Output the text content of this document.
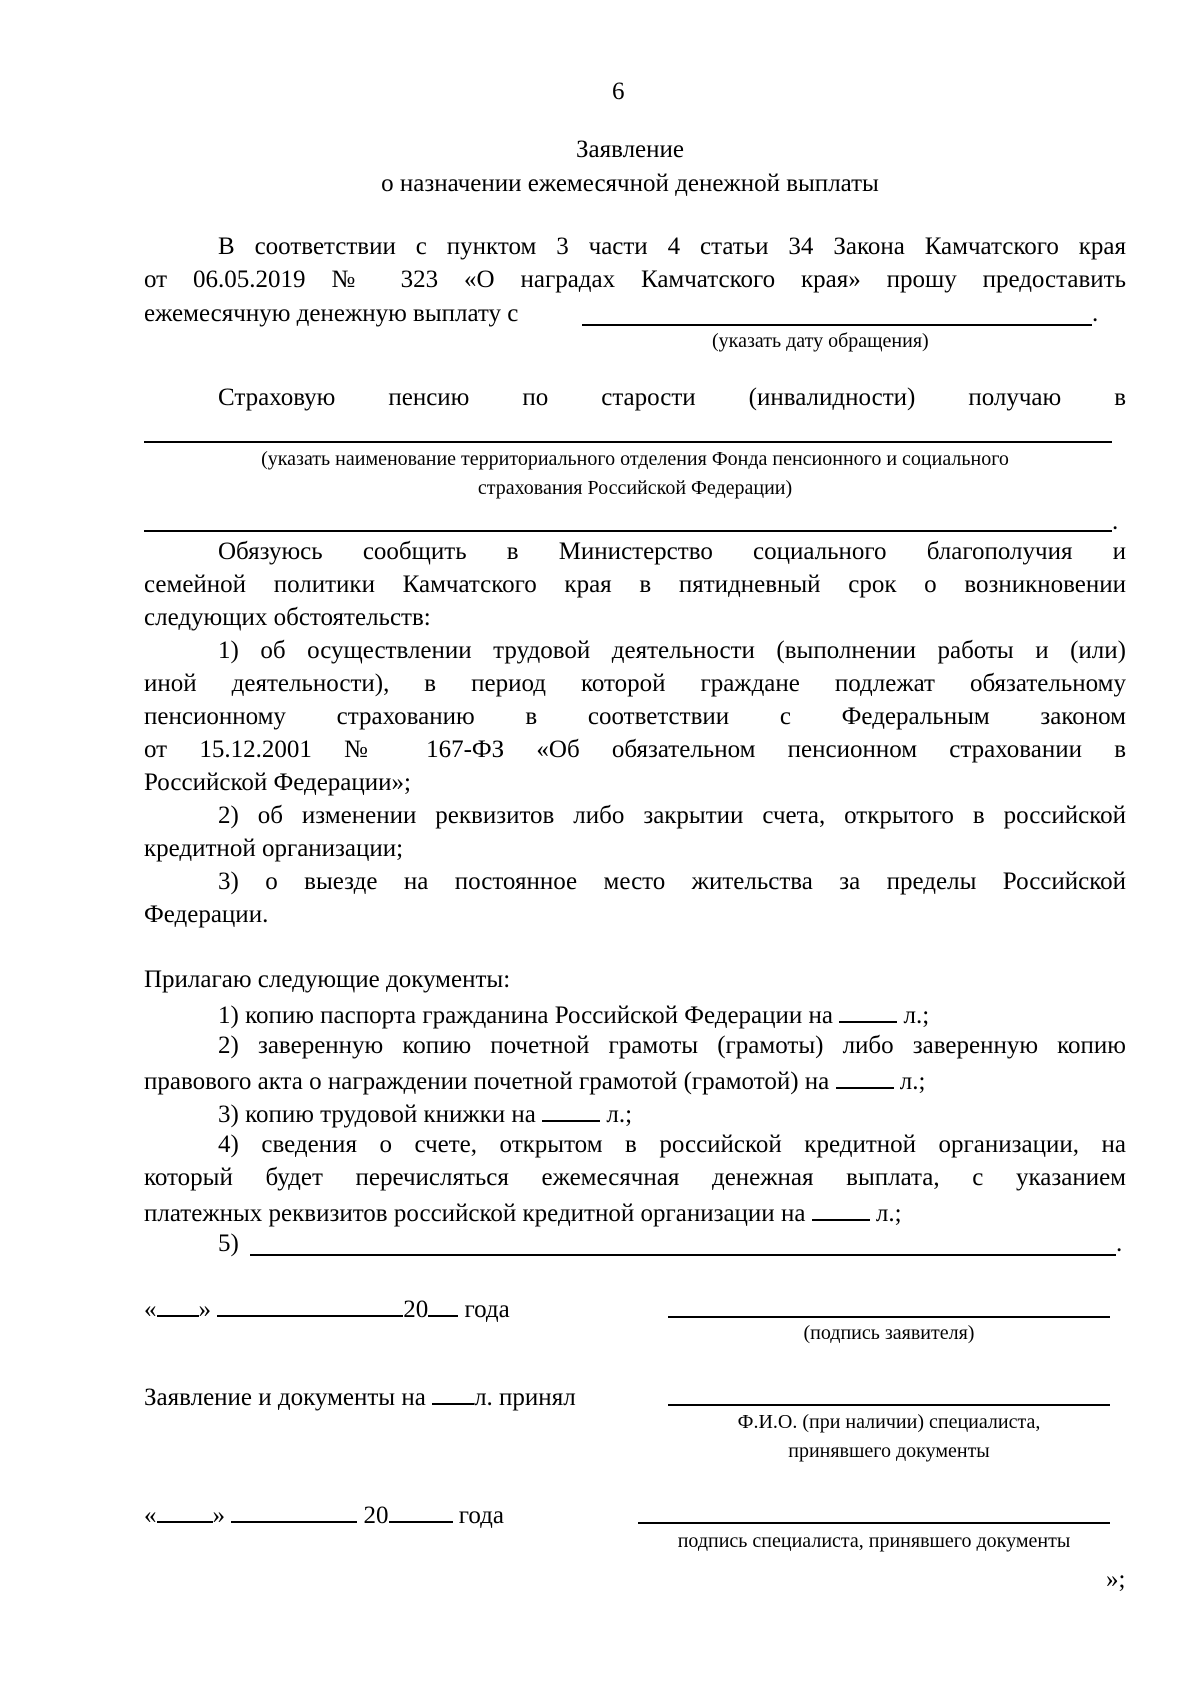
6
Заявление
о назначении ежемесячной денежной выплаты
В соответствии с пунктом 3 части 4 статьи 34 Закона Камчатского края
от 06.05.2019 № 323 «О наградах Камчатского края» прошу предоставить
ежемесячную денежную выплату с	.
(указать дату обращения)
Страховую пенсию по старости (инвалидности) получаю в
(указать наименование территориального отделения Фонда пенсионного и социального
страхования Российской Федерации)
.
Обязуюсь сообщить в Министерство социального благополучия и
семейной политики Камчатского края в пятидневный срок о возникновении
следующих обстоятельств:
1) об осуществлении трудовой деятельности (выполнении работы и (или)
иной деятельности), в период которой граждане подлежат обязательному
пенсионному страхованию в соответствии с Федеральным законом
от 15.12.2001 № 167-ФЗ «Об обязательном пенсионном страховании в
Российской Федерации»;
2) об изменении реквизитов либо закрытии счета, открытого в российской
кредитной организации;
3) о выезде на постоянное место жительства за пределы Российской
Федерации.
Прилагаю следующие документы:
1) копию паспорта гражданина Российской Федерации на	л.;
2) заверенную копию почетной грамоты (грамоты) либо заверенную копию
правового акта о награждении почетной грамотой (грамотой) на	л.;
3) копию трудовой книжки на	л.;
4) сведения о счете, открытом в российской кредитной организации, на
который будет перечисляться ежемесячная денежная выплата, с указанием
платежных реквизитов российской кредитной организации на	л.;
5)	.
« »	20 года
(подпись заявителя)
Заявление и документы на л. принял
Ф.И.О. (при наличии) специалиста,
принявшего документы
« »	20	года
подпись специалиста, принявшего документы
»;
